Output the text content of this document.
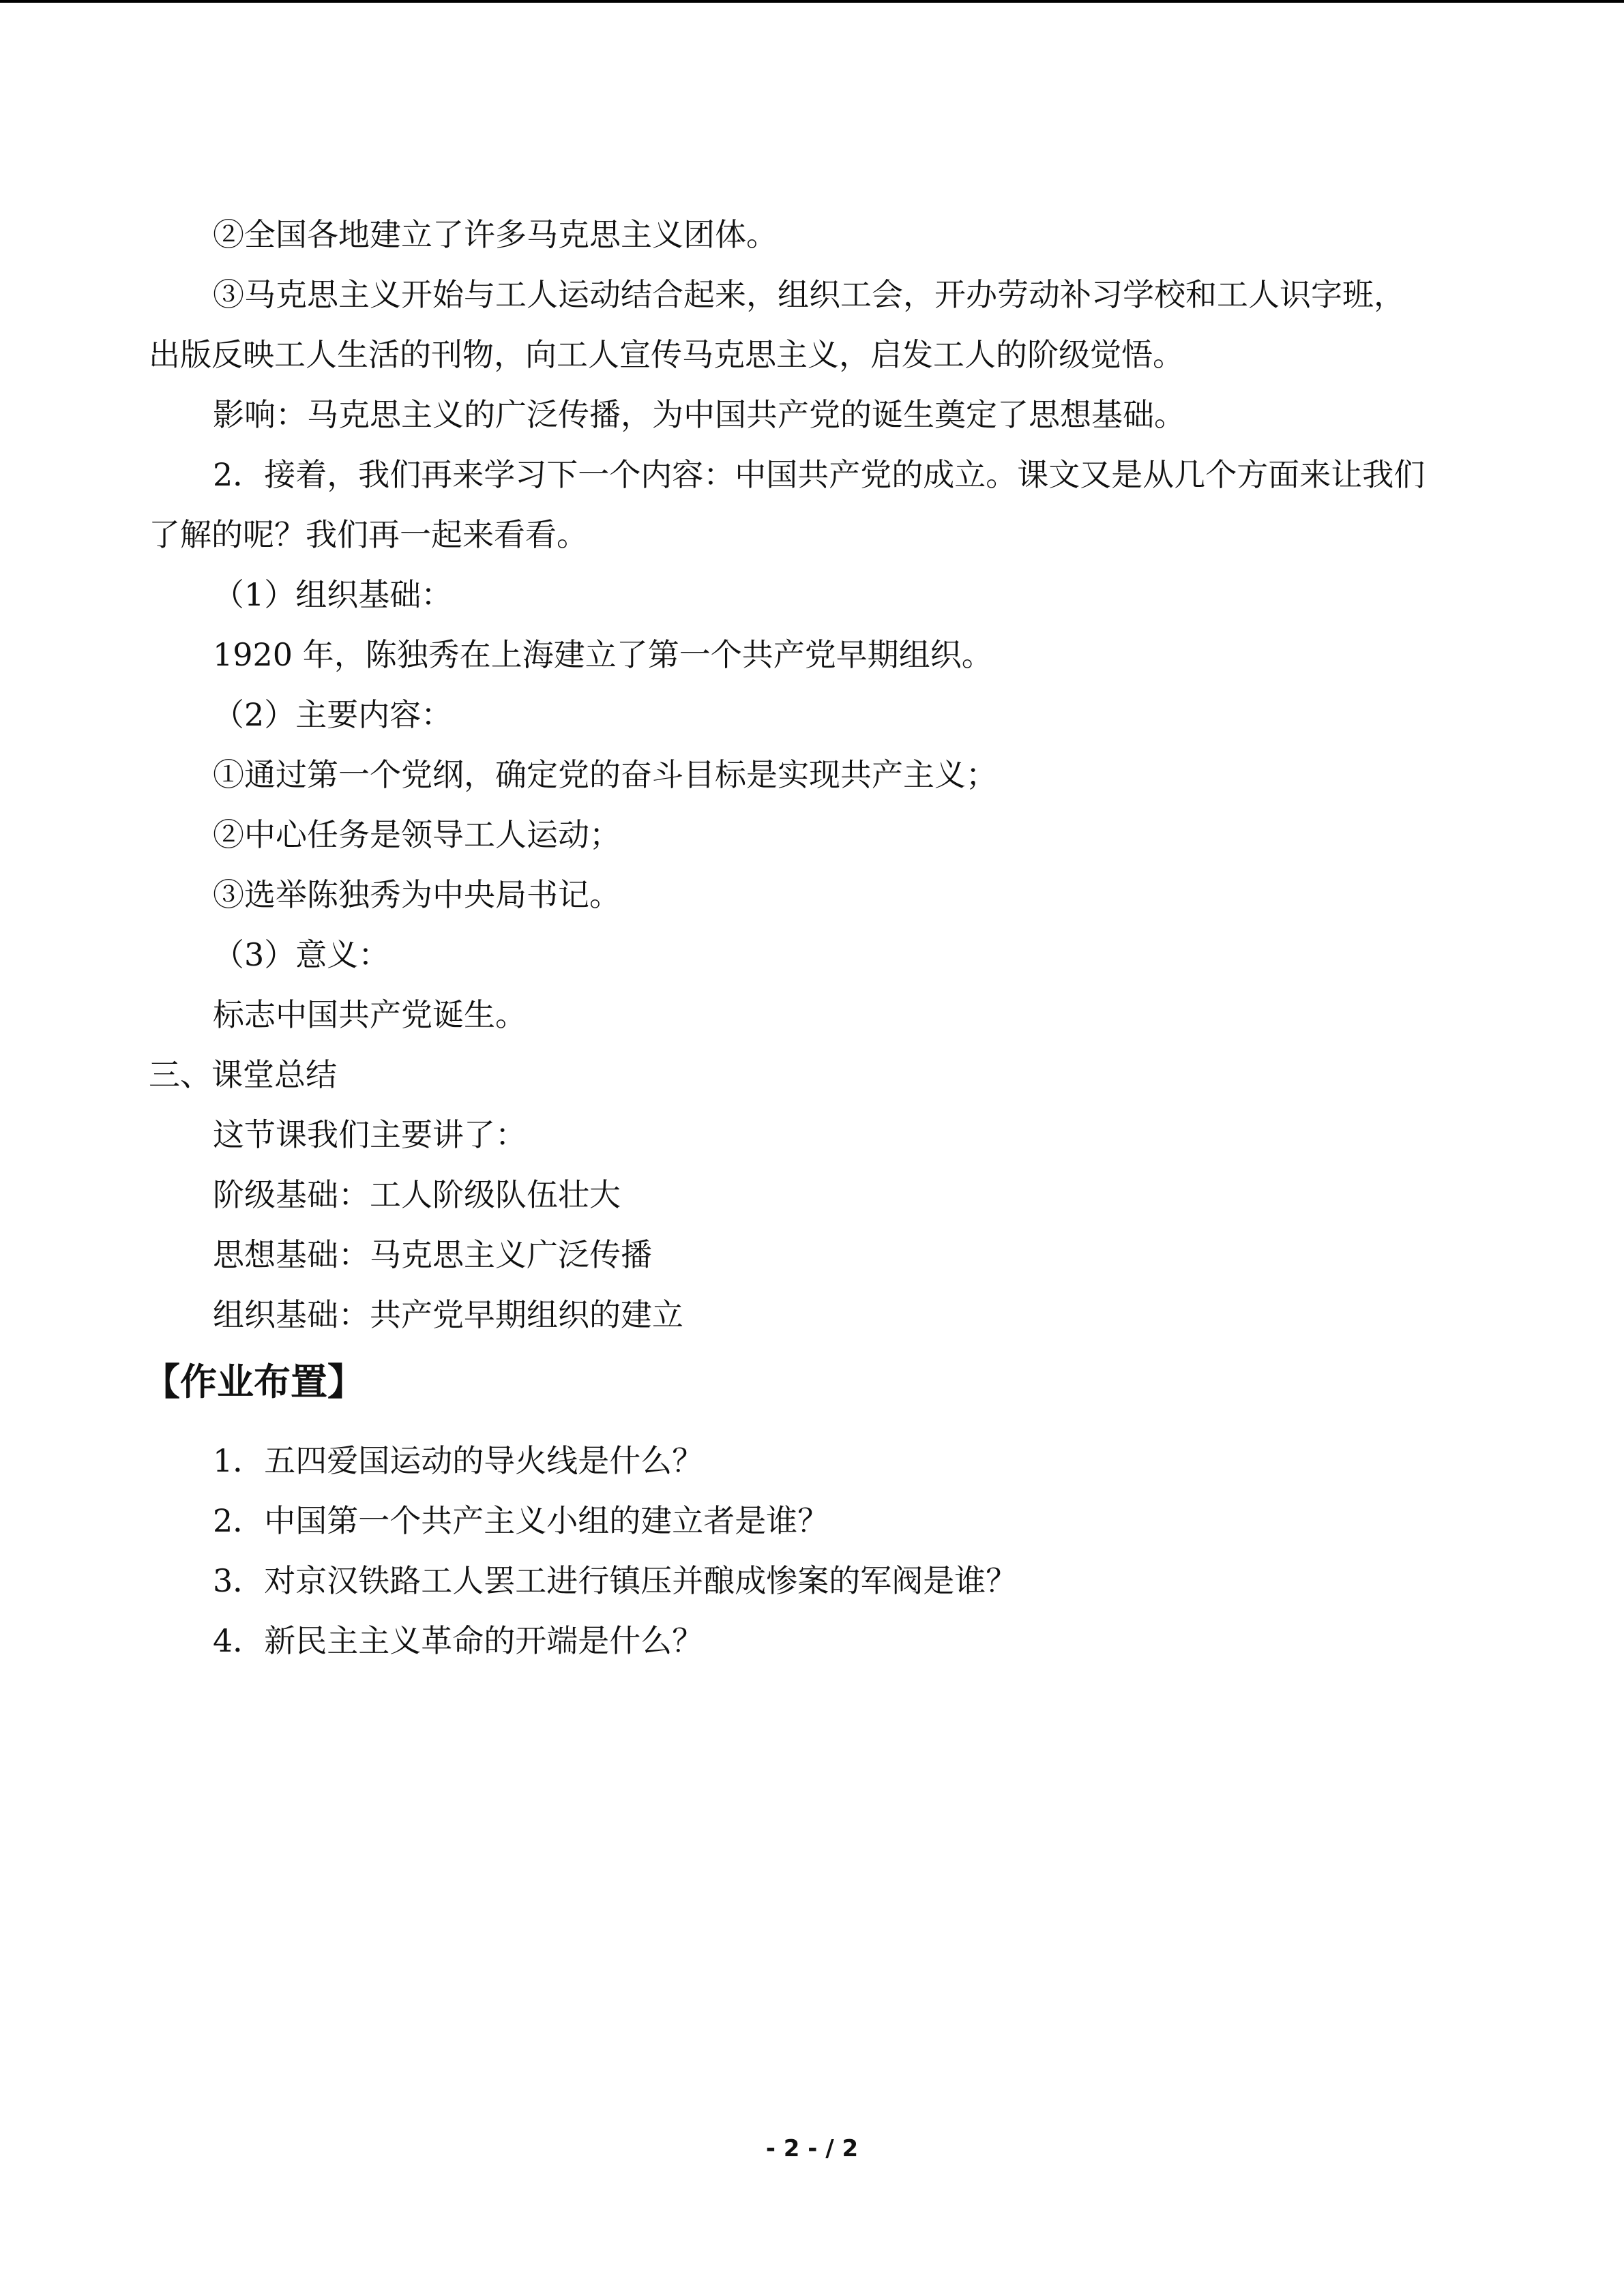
②全国各地建立了许多马克思主义团体。

③马克思主义开始与工人运动结合起来，组织工会，开办劳动补习学校和工人识字班，

出版反映工人生活的刊物，向工人宣传马克思主义，启发工人的阶级觉悟。

影响：马克思主义的广泛传播，为中国共产党的诞生奠定了思想基础。

2．接着，我们再来学习下一个内容：中国共产党的成立。课文又是从几个方面来让我们

了解的呢？我们再一起来看看。

（1）组织基础：

1920 年，陈独秀在上海建立了第一个共产党早期组织。

（2）主要内容：

①通过第一个党纲，确定党的奋斗目标是实现共产主义；

②中心任务是领导工人运动；

③选举陈独秀为中央局书记。

（3）意义：

标志中国共产党诞生。

三、课堂总结

这节课我们主要讲了：

阶级基础：工人阶级队伍壮大

思想基础：马克思主义广泛传播

组织基础：共产党早期组织的建立

【作业布置】

1．五四爱国运动的导火线是什么？

2．中国第一个共产主义小组的建立者是谁？

3．对京汉铁路工人罢工进行镇压并酿成惨案的军阀是谁？

4．新民主主义革命的开端是什么？

- 2 - / 2
